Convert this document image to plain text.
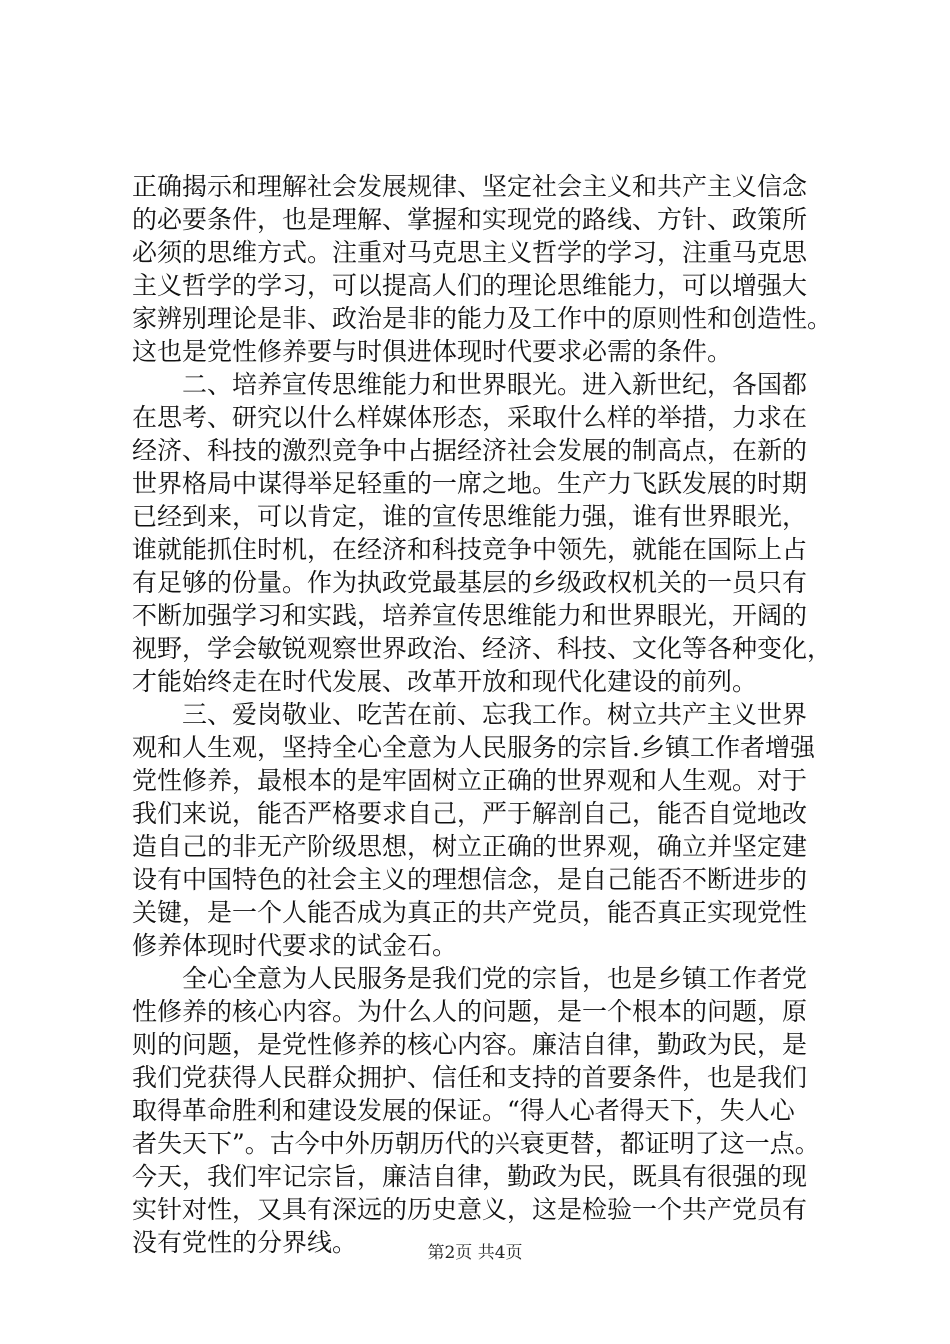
正确揭示和理解社会发展规律、坚定社会主义和共产主义信念
的必要条件，也是理解、掌握和实现党的路线、方针、政策所
必须的思维方式。注重对马克思主义哲学的学习，注重马克思
主义哲学的学习，可以提高人们的理论思维能力，可以增强大
家辨别理论是非、政治是非的能力及工作中的原则性和创造性。
这也是党性修养要与时俱进体现时代要求必需的条件。
二、培养宣传思维能力和世界眼光。进入新世纪，各国都
在思考、研究以什么样媒体形态，采取什么样的举措，力求在
经济、科技的激烈竞争中占据经济社会发展的制高点，在新的
世界格局中谋得举足轻重的一席之地。生产力飞跃发展的时期
已经到来，可以肯定，谁的宣传思维能力强，谁有世界眼光，
谁就能抓住时机，在经济和科技竞争中领先，就能在国际上占
有足够的份量。作为执政党最基层的乡级政权机关的一员只有
不断加强学习和实践，培养宣传思维能力和世界眼光，开阔的
视野，学会敏锐观察世界政治、经济、科技、文化等各种变化，
才能始终走在时代发展、改革开放和现代化建设的前列。
三、爱岗敬业、吃苦在前、忘我工作。树立共产主义世界
观和人生观，坚持全心全意为人民服务的宗旨.乡镇工作者增强
党性修养，最根本的是牢固树立正确的世界观和人生观。对于
我们来说，能否严格要求自己，严于解剖自己，能否自觉地改
造自己的非无产阶级思想，树立正确的世界观，确立并坚定建
设有中国特色的社会主义的理想信念，是自己能否不断进步的
关键，是一个人能否成为真正的共产党员，能否真正实现党性
修养体现时代要求的试金石。
全心全意为人民服务是我们党的宗旨，也是乡镇工作者党
性修养的核心内容。为什么人的问题，是一个根本的问题，原
则的问题，是党性修养的核心内容。廉洁自律，勤政为民，是
我们党获得人民群众拥护、信任和支持的首要条件，也是我们
取得革命胜利和建设发展的保证。“得人心者得天下，失人心
者失天下”。古今中外历朝历代的兴衰更替，都证明了这一点。
今天，我们牢记宗旨，廉洁自律，勤政为民，既具有很强的现
实针对性，又具有深远的历史意义，这是检验一个共产党员有
没有党性的分界线。	第2页 共4页
